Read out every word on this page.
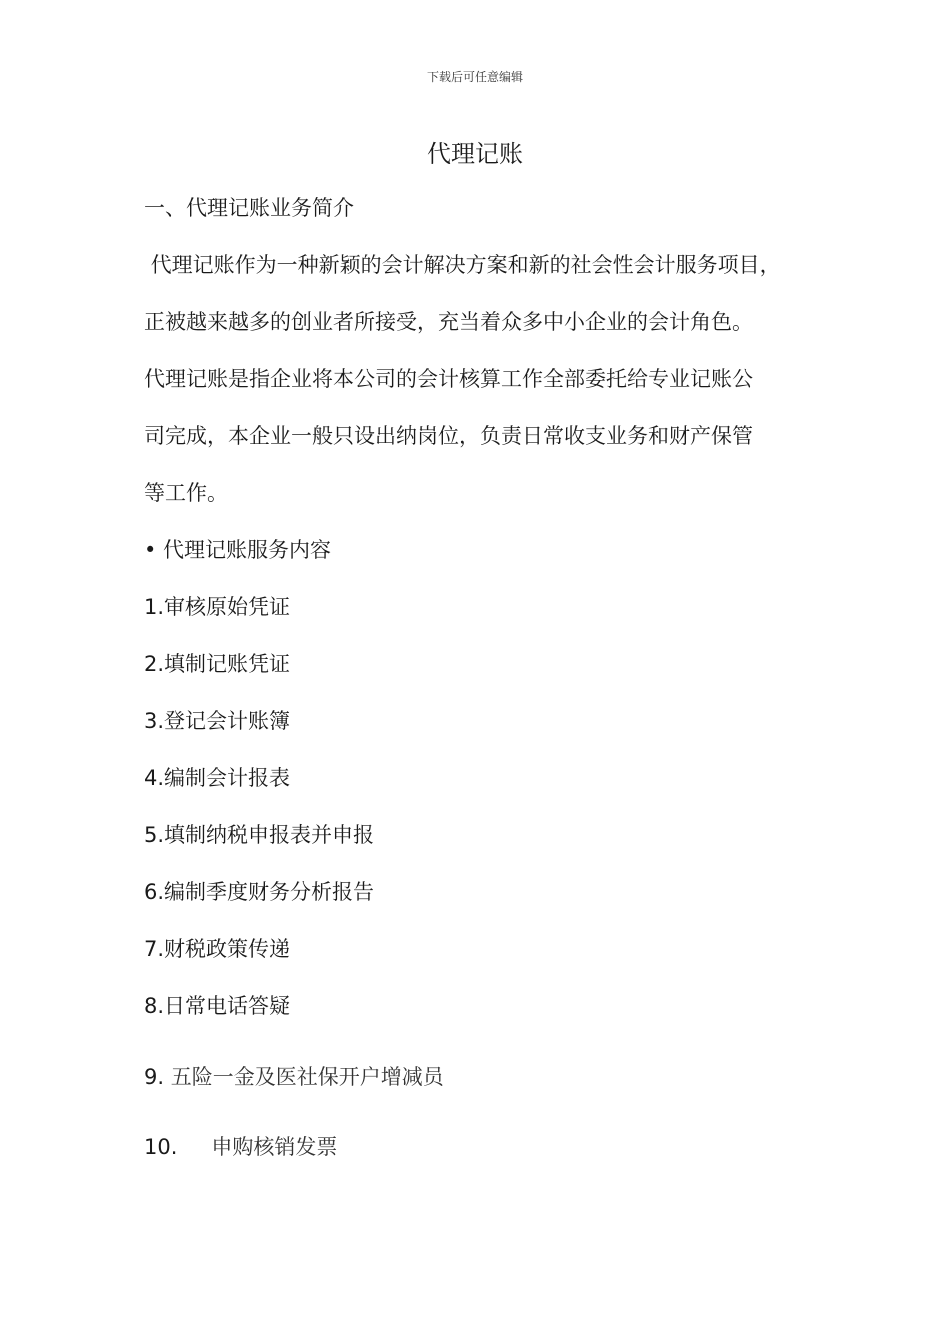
下载后可任意编辑
代理记账
一、代理记账业务简介
代理记账作为一种新颖的会计解决方案和新的社会性会计服务项目，
正被越来越多的创业者所接受，充当着众多中小企业的会计角色。
代理记账是指企业将本公司的会计核算工作全部委托给专业记账公
司完成，本企业一般只设出纳岗位，负责日常收支业务和财产保管
等工作。
• 代理记账服务内容
1.审核原始凭证
2.填制记账凭证
3.登记会计账簿
4.编制会计报表
5.填制纳税申报表并申报
6.编制季度财务分析报告
7.财税政策传递
8.日常电话答疑
9. 五险一金及医社保开户增减员
10. 申购核销发票
